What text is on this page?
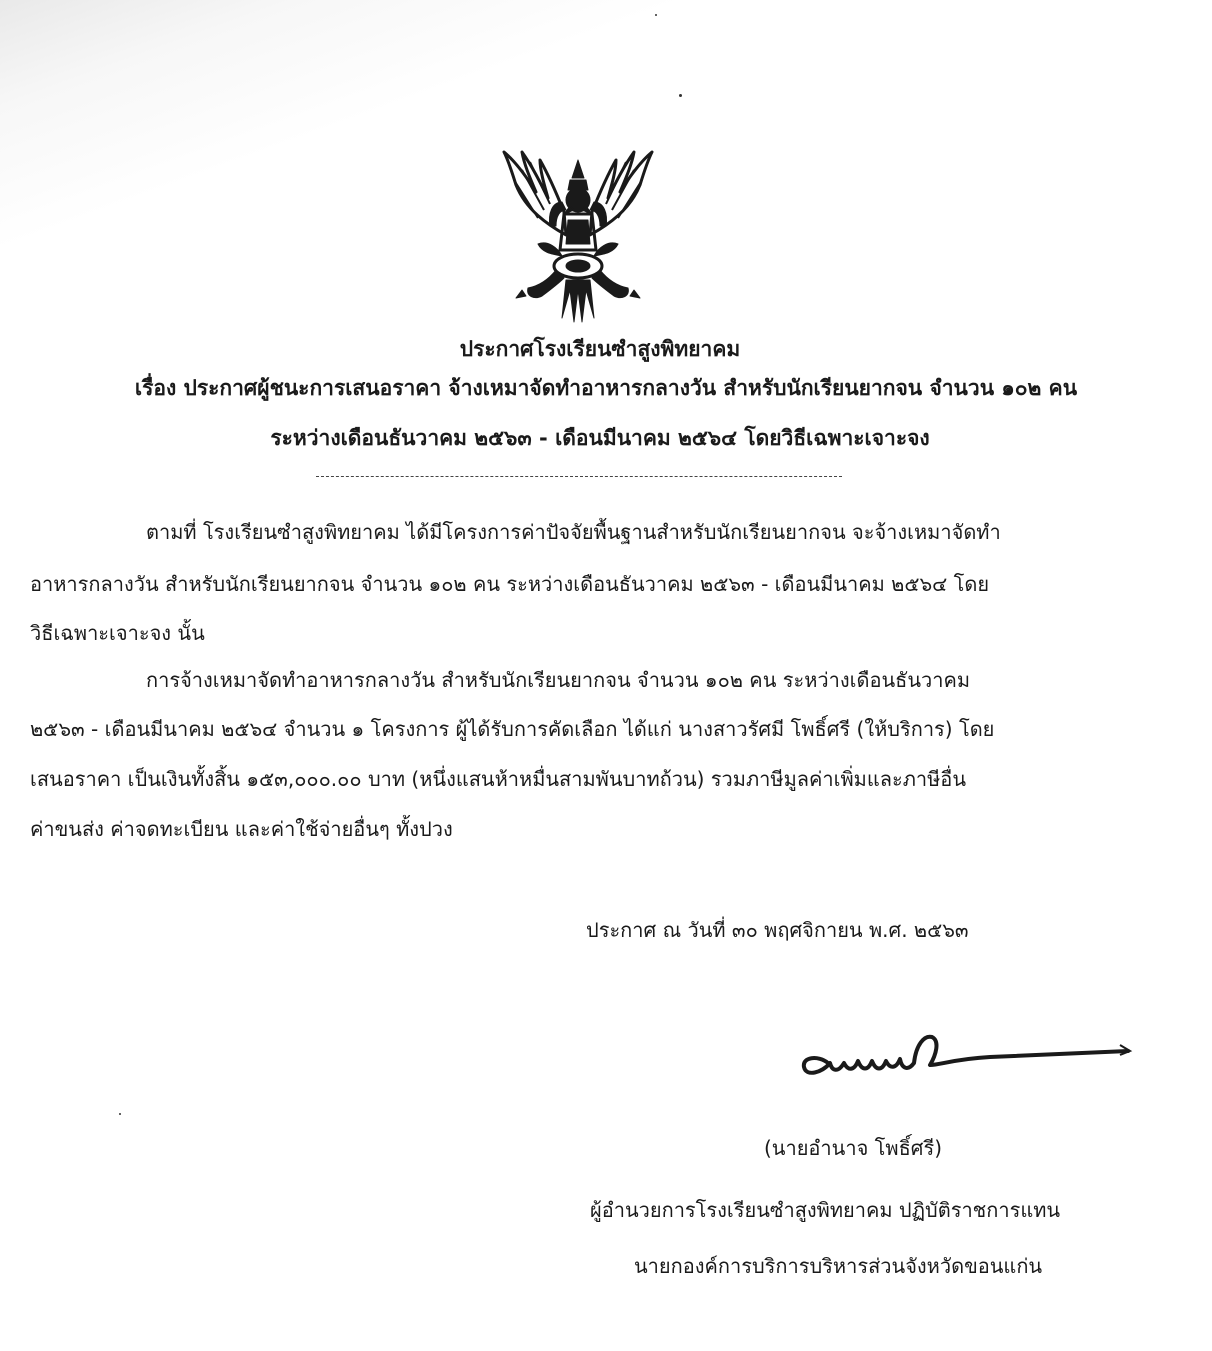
ประกาศโรงเรียนซำสูงพิทยาคม
เรื่อง ประกาศผู้ชนะการเสนอราคา จ้างเหมาจัดทำอาหารกลางวัน สำหรับนักเรียนยากจน จำนวน ๑๐๒ คน
ระหว่างเดือนธันวาคม ๒๕๖๓ - เดือนมีนาคม ๒๕๖๔ โดยวิธีเฉพาะเจาะจง
ตามที่ โรงเรียนซำสูงพิทยาคม ได้มีโครงการค่าปัจจัยพื้นฐานสำหรับนักเรียนยากจน จะจ้างเหมาจัดทำ
อาหารกลางวัน สำหรับนักเรียนยากจน จำนวน ๑๐๒ คน ระหว่างเดือนธันวาคม ๒๕๖๓ - เดือนมีนาคม ๒๕๖๔ โดย
วิธีเฉพาะเจาะจง นั้น
การจ้างเหมาจัดทำอาหารกลางวัน สำหรับนักเรียนยากจน จำนวน ๑๐๒ คน ระหว่างเดือนธันวาคม
๒๕๖๓ - เดือนมีนาคม ๒๕๖๔ จำนวน ๑ โครงการ ผู้ได้รับการคัดเลือก ได้แก่ นางสาวรัศมี โพธิ์ศรี (ให้บริการ) โดย
เสนอราคา เป็นเงินทั้งสิ้น ๑๕๓,๐๐๐.๐๐ บาท (หนึ่งแสนห้าหมื่นสามพันบาทถ้วน) รวมภาษีมูลค่าเพิ่มและภาษีอื่น
ค่าขนส่ง ค่าจดทะเบียน และค่าใช้จ่ายอื่นๆ ทั้งปวง
ประกาศ ณ วันที่ ๓๐ พฤศจิกายน พ.ศ. ๒๕๖๓
(นายอำนาจ โพธิ์ศรี)
ผู้อำนวยการโรงเรียนซำสูงพิทยาคม ปฏิบัติราชการแทน
นายกองค์การบริการบริหารส่วนจังหวัดขอนแก่น
